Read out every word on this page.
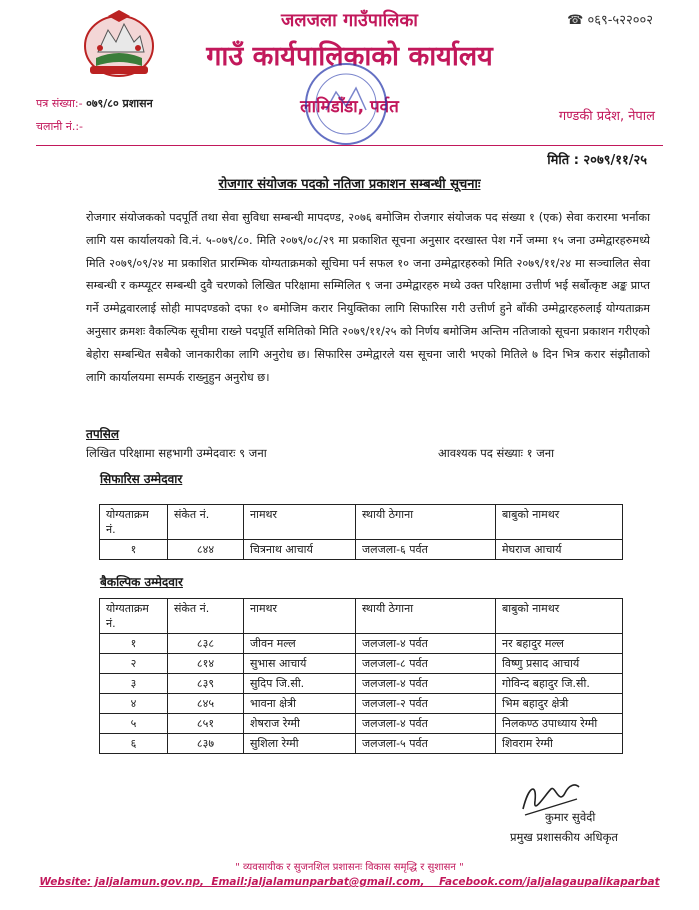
☎ ०६९-५२२००२
जलजला गाउँपालिका
गाउँ कार्यपालिकाको कार्यालय
लामिडाँडा, पर्वत	गण्डकी प्रदेश, नेपाल
पत्र संख्या:- ०७९/८० प्रशासन
चलानी नं.:-
मिति : २०७९/११/२५
रोजगार संयोजक पदको नतिजा प्रकाशन सम्बन्धी सूचनाः
रोजगार संयोजकको पदपूर्ति तथा सेवा सुविधा सम्बन्धी मापदण्ड, २०७६ बमोजिम रोजगार संयोजक पद संख्या १ (एक) सेवा करारमा भर्नाका लागि यस कार्यालयको वि.नं. ५-०७९/८०. मिति २०७९/०८/२९ मा प्रकाशित सूचना अनुसार दरखास्त पेश गर्ने जम्मा १५ जना उम्मेद्वारहरुमध्ये मिति २०७९/०९/२४ मा प्रकाशित प्रारम्भिक योग्यताक्रमको सूचिमा पर्न सफल १० जना उम्मेद्वारहरुको मिति २०७९/११/२४ मा सञ्चालित सेवा सम्बन्धी र कम्प्यूटर सम्बन्धी दुवै चरणको लिखित परिक्षामा सम्मिलित ९ जना उम्मेद्वारहरु मध्ये उक्त परिक्षामा उत्तीर्ण भई सर्बोत्कृष्ट अङ्क प्राप्त गर्ने उम्मेद्ववारलाई सोही मापदण्डको दफा १० बमोजिम करार नियुक्तिका लागि सिफारिस गरी उत्तीर्ण हुने बाँकी उम्मेद्वारहरुलाई योग्यताक्रम अनुसार क्रमशः वैकल्पिक सूचीमा राख्ने पदपूर्ति समितिको मिति २०७९/११/२५ को निर्णय बमोजिम अन्तिम नतिजाको सूचना प्रकाशन गरीएको बेहोरा सम्बन्धित सबैको जानकारीका लागि अनुरोध छ। सिफारिस उम्मेद्वारले यस सूचना जारी भएको मितिले ७ दिन भित्र करार संझौताको लागि कार्यालयमा सम्पर्क राख्नुहुन अनुरोध छ।
तपसिल
लिखित परिक्षामा सहभागी उम्मेदवारः ९ जना	आवश्यक पद संख्याः १ जना
सिफारिस उम्मेदवार
योग्यताक्रम नं.	संकेत नं.	नामथर	स्थायी ठेगाना	बाबुको नामथर
१	८४४	चित्रनाथ आचार्य	जलजला-६ पर्वत	मेघराज आचार्य
बैकल्पिक उम्मेदवार
योग्यताक्रम नं.	संकेत नं.	नामथर	स्थायी ठेगाना	बाबुको नामथर
१	८३८	जीवन मल्ल	जलजला-४ पर्वत	नर बहादुर मल्ल
२	८१४	सुभास आचार्य	जलजला-८ पर्वत	विष्णु प्रसाद आचार्य
३	८३९	सुदिप जि.सी.	जलजला-४ पर्वत	गोविन्द बहादुर जि.सी.
४	८४५	भावना क्षेत्री	जलजला-२ पर्वत	भिम बहादुर क्षेत्री
५	८५१	शेषराज रेग्मी	जलजला-४ पर्वत	निलकण्ठ उपाध्याय रेग्मी
६	८३७	सुशिला रेग्मी	जलजला-५ पर्वत	शिवराम रेग्मी
कुमार सुवेदी
प्रमुख प्रशासकीय अधिकृत
" व्यवसायीक र सुजनशिल प्रशासनः विकास समृद्धि र सुशासन "
Website: jaljalamun.gov.np,  Email:jaljalamunparbat@gmail.com,    Facebook.com/jaljalagaupalikaparbat
